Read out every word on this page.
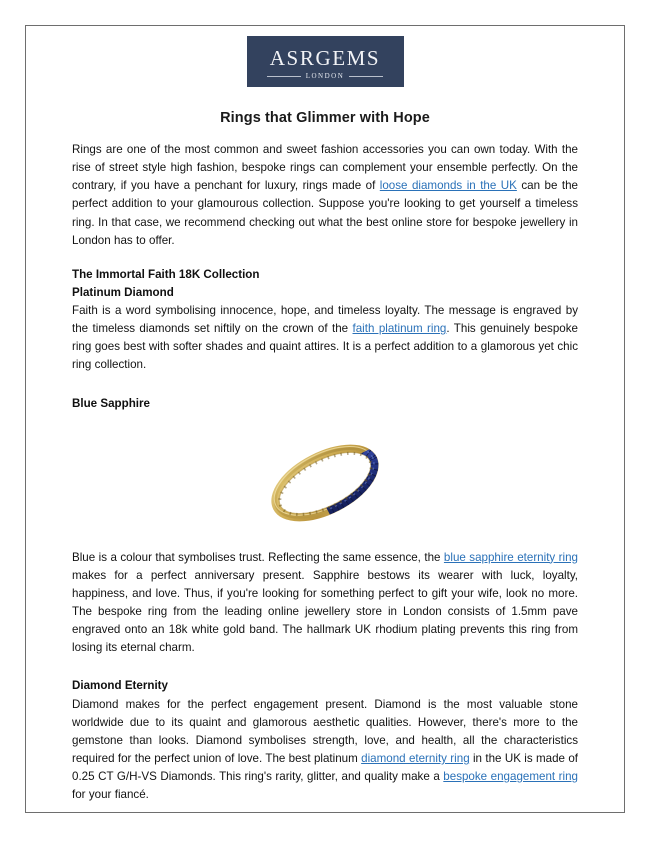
ASRGEMS
LONDON
Rings that Glimmer with Hope

Rings are one of the most common and sweet fashion accessories you can own today. With the rise of street style high fashion, bespoke rings can complement your ensemble perfectly. On the contrary, if you have a penchant for luxury, rings made of loose diamonds in the UK can be the perfect addition to your glamourous collection. Suppose you're looking to get yourself a timeless ring. In that case, we recommend checking out what the best online store for bespoke jewellery in London has to offer.

The Immortal Faith 18K Collection
Platinum Diamond

Faith is a word symbolising innocence, hope, and timeless loyalty. The message is engraved by the timeless diamonds set niftily on the crown of the faith platinum ring. This genuinely bespoke ring goes best with softer shades and quaint attires. It is a perfect addition to a glamorous yet chic ring collection.

Blue Sapphire

Blue is a colour that symbolises trust. Reflecting the same essence, the blue sapphire eternity ring makes for a perfect anniversary present. Sapphire bestows its wearer with luck, loyalty, happiness, and love. Thus, if you're looking for something perfect to gift your wife, look no more. The bespoke ring from the leading online jewellery store in London consists of 1.5mm pave engraved onto an 18k white gold band. The hallmark UK rhodium plating prevents this ring from losing its eternal charm.

Diamond Eternity

Diamond makes for the perfect engagement present. Diamond is the most valuable stone worldwide due to its quaint and glamorous aesthetic qualities. However, there's more to the gemstone than looks. Diamond symbolises strength, love, and health, all the characteristics required for the perfect union of love. The best platinum diamond eternity ring in the UK is made of 0.25 CT G/H-VS Diamonds. This ring's rarity, glitter, and quality make a bespoke engagement ring for your fiancé.
